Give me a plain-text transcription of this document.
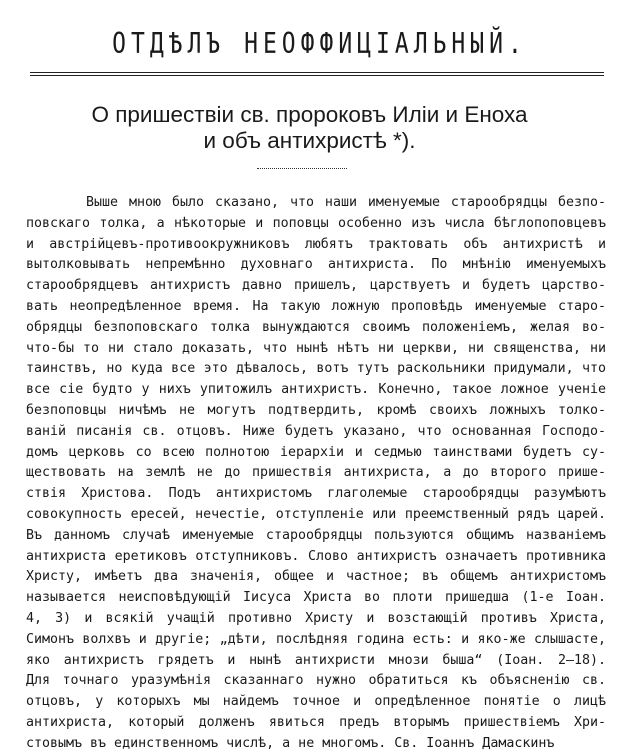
ОТДѢЛЪ НЕОФФИЦIАЛЬНЫЙ.
О пришествiи св. пророковъ Илiи и Еноха
и объ антихристѣ *).
Выше мною было сказано, что наши именуемые старообрядцы безпо-
повскаго толка, а нѣкоторые и поповцы особенно изъ числа бѣглопоповцевъ
и австрiйцевъ-противоокружниковъ любятъ трактовать объ антихристѣ и
вытолковывать непремѣнно духовнаго антихриста. По мнѣнiю именуемыхъ
старообрядцевъ антихристъ давно пришелъ, царствуетъ и будетъ царство-
вать неопредѣленное время. На такую ложную проповѣдь именуемые старо-
обрядцы безпоповскаго толка вынуждаются своимъ положенiемъ, желая во-
что-бы то ни стало доказать, что нынѣ нѣтъ ни церкви, ни священства, ни
таинствъ, но куда все это дѣвалось, вотъ тутъ раскольники придумали, что
все сiе будто у нихъ упитожилъ антихристъ. Конечно, такое ложное ученiе
безпоповцы ничѣмъ не могутъ подтвердить, кромѣ своихъ ложныхъ толко-
ванiй писанiя св. отцовъ. Ниже будетъ указано, что основанная Господо-
домъ церковь со всею полнотою iерархiи и седмью таинствами будетъ су-
ществовать на землѣ не до пришествiя антихриста, а до второго прише-
ствiя Христова. Подъ антихристомъ глаголемые старообрядцы разумѣютъ
совокупность ересей, нечестiе, отступленiе или преемственный рядъ царей.
Въ данномъ случаѣ именуемые старообрядцы пользуются общимъ названiемъ
антихриста еретиковъ отступниковъ. Слово антихристъ означаетъ противника
Христу, имѣетъ два значенiя, общее и частное; въ общемъ антихристомъ
называется неисповѣдующiй Iисуса Христа во плоти пришедша (1-е Iоан.
4, 3) и всякiй учащiй противно Христу и возстающiй противъ Христа,
Симонъ волхвъ и другiе; „дѣти, послѣдняя година есть: и яко-же слышасте,
яко антихристъ грядетъ и нынѣ антихристи мнози быша“ (Iоан. 2—18).
Для точнаго уразумѣнiя сказаннаго нужно обратиться къ объясненiю св.
отцовъ, у которыхъ мы найдемъ точное и опредѣленное понятiе о лицѣ
антихриста, который долженъ явиться предъ вторымъ пришествiемъ Хри-
стовымъ въ единственномъ числѣ, а не многомъ. Св. Iоаннъ Дамаскинъ
